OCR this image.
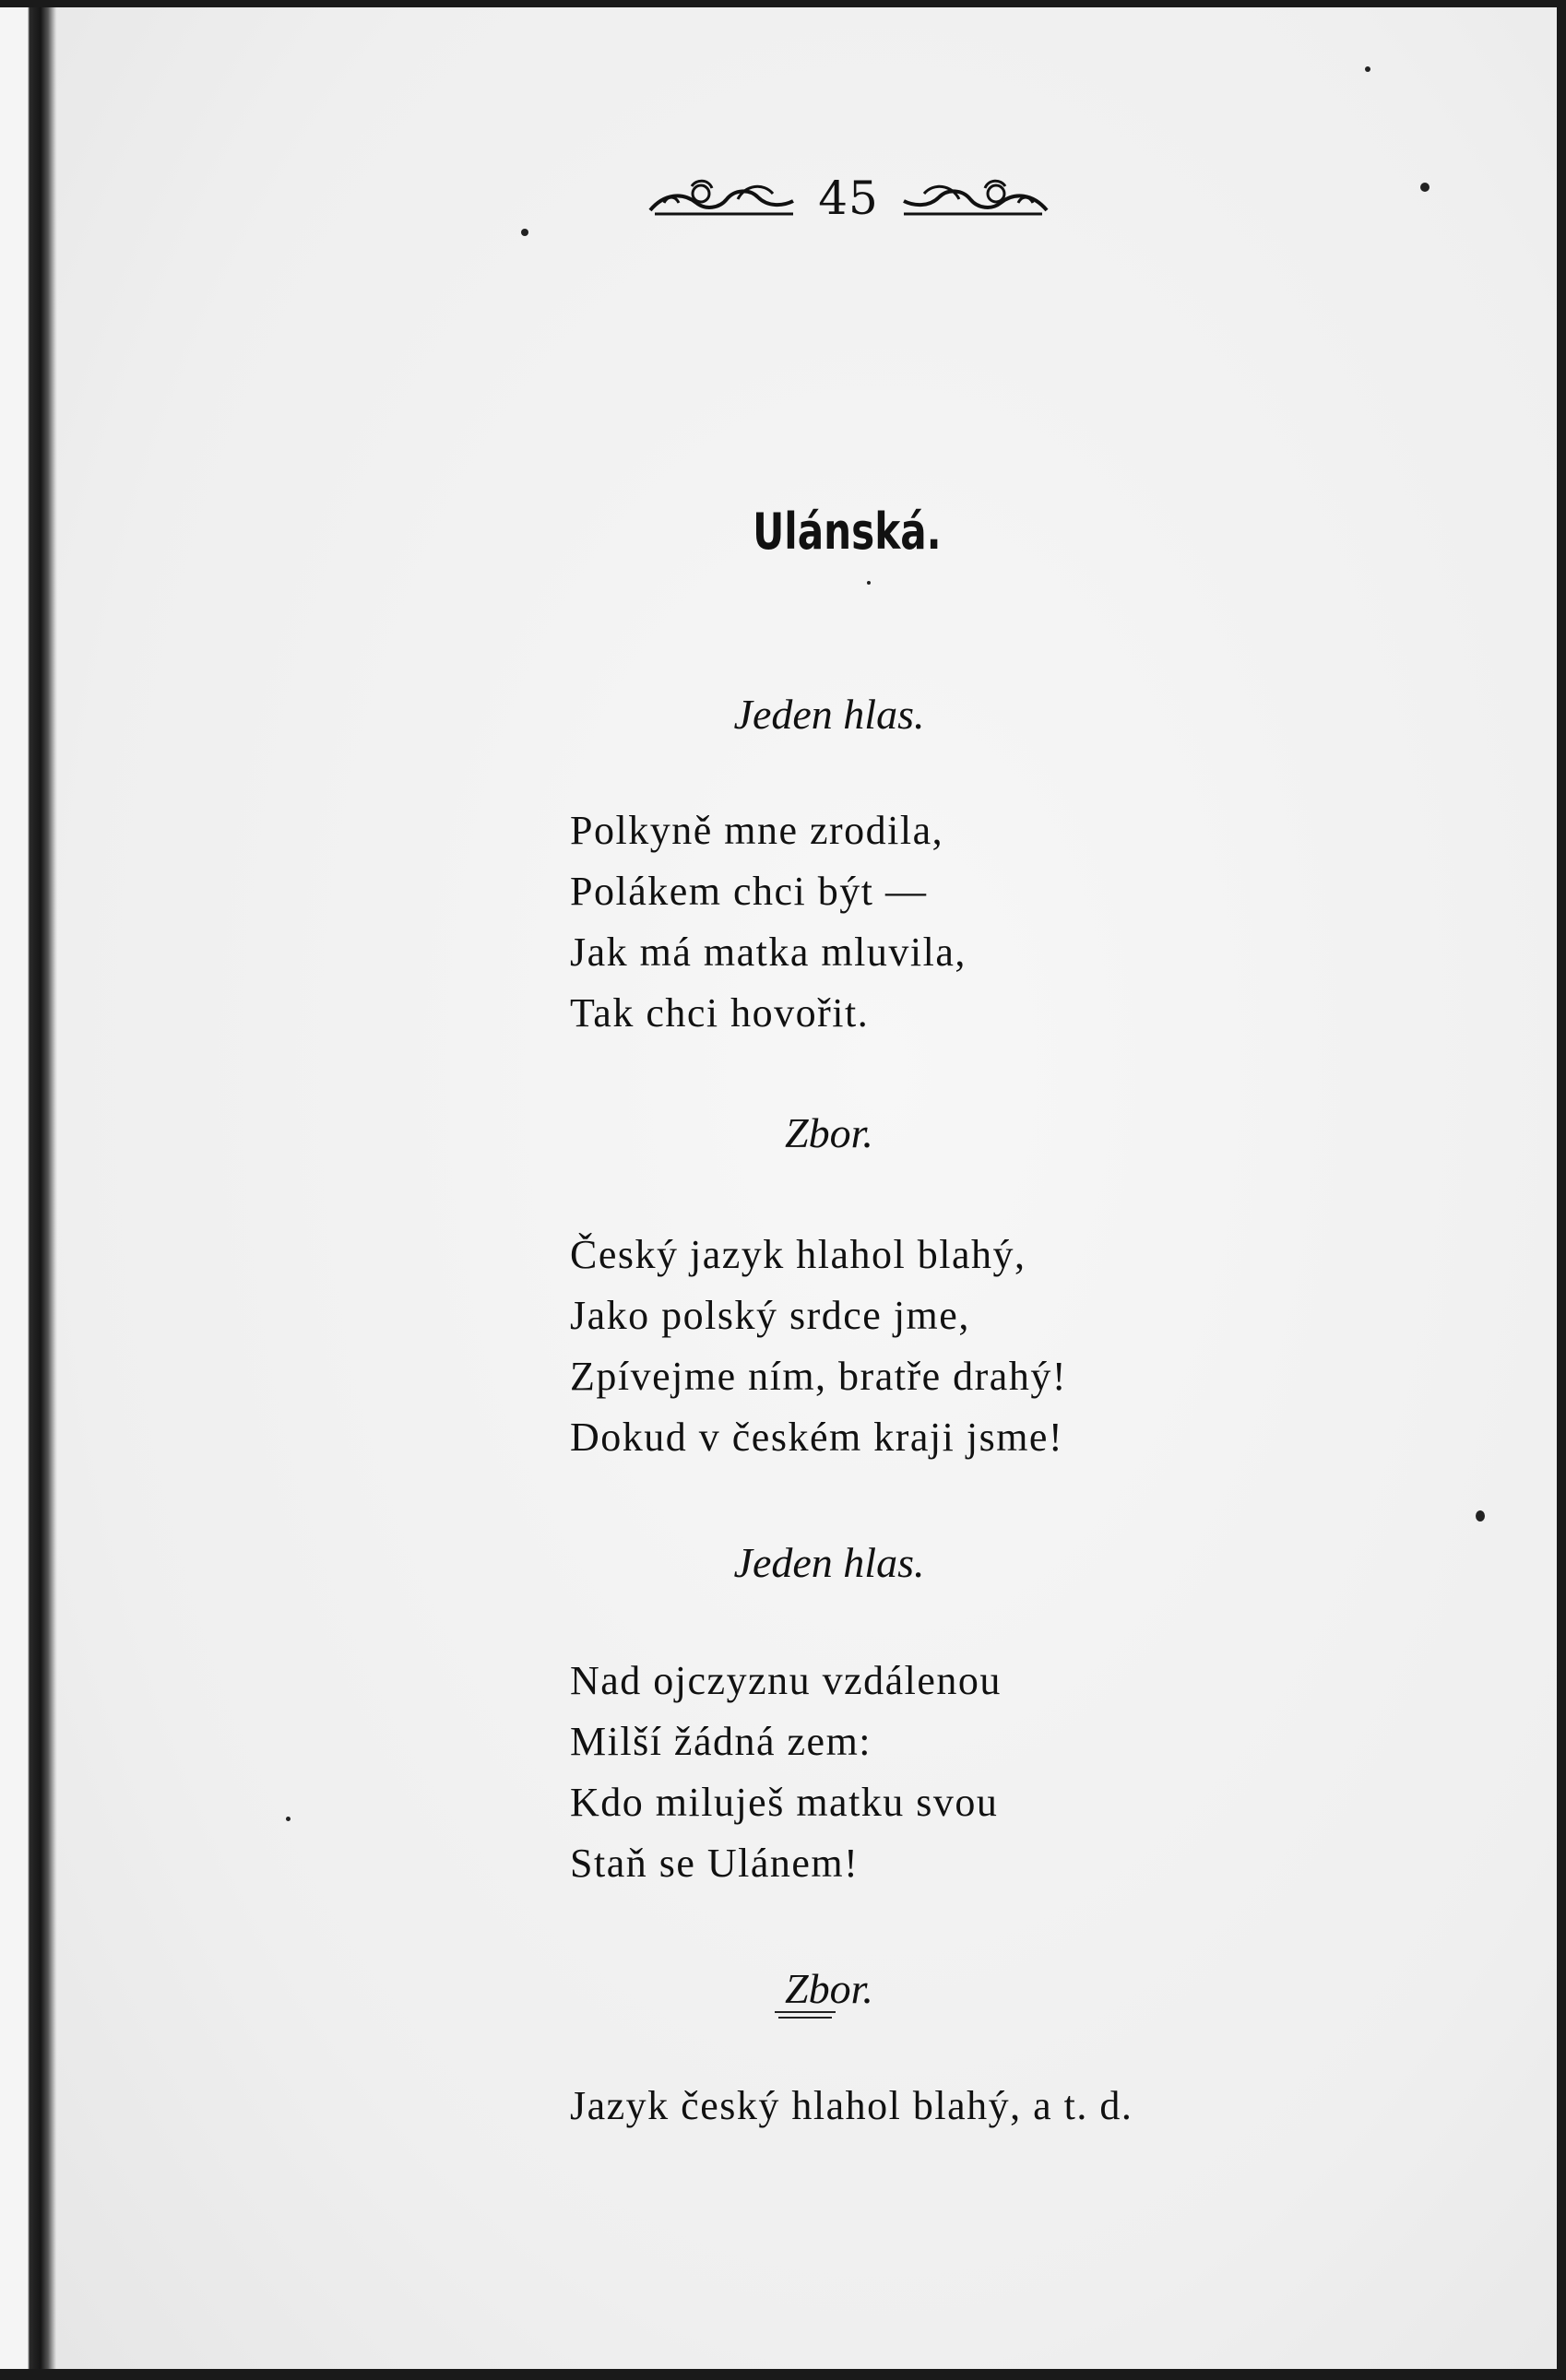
45
Ulánská.
Jeden hlas.
Polkyně mne zrodila,
Polákem chci být —
Jak má matka mluvila,
Tak chci hovořit.
Zbor.
Český jazyk hlahol blahý,
Jako polský srdce jme,
Zpívejme ním, bratře drahý!
Dokud v českém kraji jsme!
Jeden hlas.
Nad ojczyznu vzdálenou
Milší žádná zem:
Kdo miluješ matku svou
Staň se Ulánem!
Zbor.
Jazyk český hlahol blahý, a t. d.
